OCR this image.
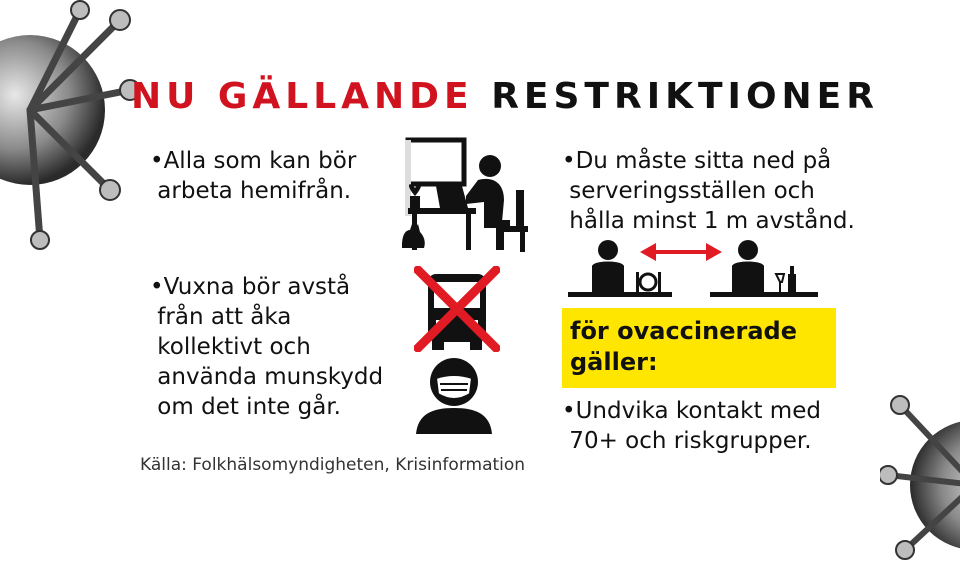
NU GÄLLANDE RESTRIKTIONER
•Alla som kan bör
arbeta hemifrån.
•Vuxna bör avstå
från att åka
kollektivt och
använda munskydd
om det inte går.
•Du måste sitta ned på
serveringsställen och
hålla minst 1 m avstånd.
för ovaccinerade
gäller:
•Undvika kontakt med
70+ och riskgrupper.
Källa: Folkhälsomyndigheten, Krisinformation
